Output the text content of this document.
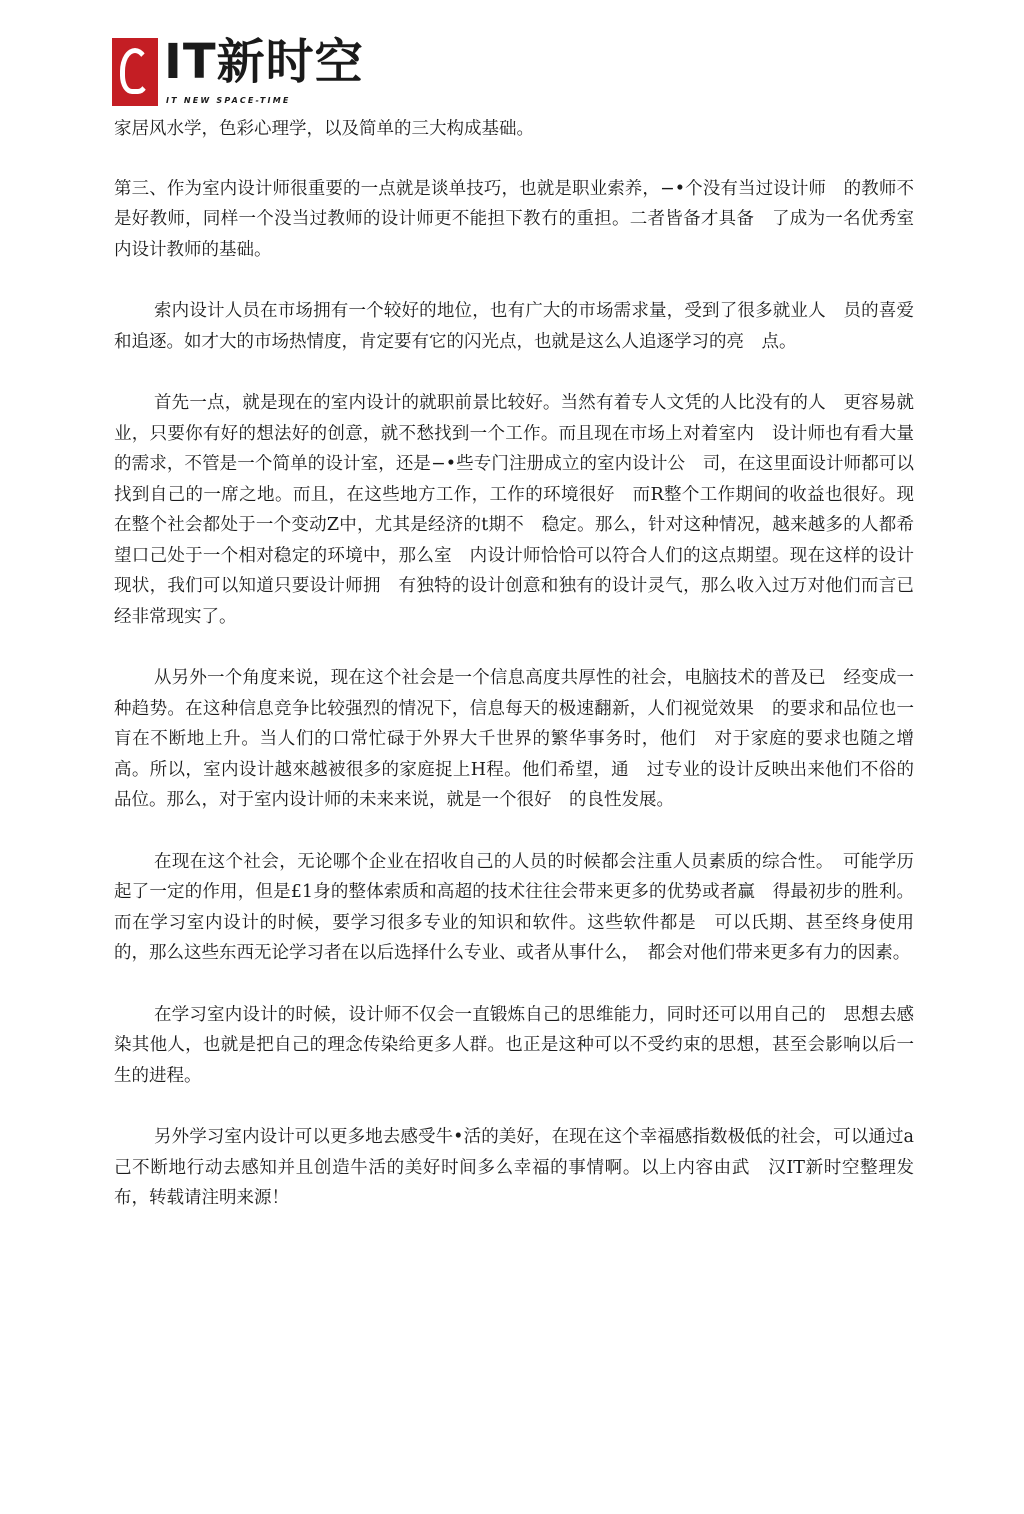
IT新时空
IT NEW SPACE-TIME

家居风水学，色彩心理学，以及简单的三大构成基础。

第三、作为室内设计师很重要的一点就是谈单技巧，也就是职业索养，−•个没有当过设计师　的教师不是好教师，同样一个没当过教师的设计师更不能担下教冇的重担。二者皆备才具备　了成为一名优秀室内设计教师的基础。

索内设计人员在市场拥有一个较好的地位，也有广大的市场需求量，受到了很多就业人　员的喜爱和追逐。如才大的市场热情度，肯定要有它的闪光点，也就是这么人追逐学习的亮　点。

首先一点，就是现在的室内设计的就职前景比较好。当然有着专人文凭的人比没有的人　更容易就业，只要你有好的想法好的创意，就不愁找到一个工作。而且现在市场上对着室内　设计师也有看大量的需求，不管是一个简单的设计室，还是−•些专门注册成立的室内设计公　司，在这里面设计师都可以找到自己的一席之地。而且，在这些地方工作，工作的环境很好　而R整个工作期间的收益也很好。现在整个社会都处于一个变动Z中，尤其是经济的t期不　稳定。那么，针对这种情况，越来越多的人都希望口己处于一个相对稳定的环境中，那么室　内设计师恰恰可以符合人们的这点期望。现在这样的设计现状，我们可以知道只要设计师拥　有独特的设计创意和独有的设计灵气，那么收入过万对他们而言已经非常现实了。

从另外一个角度来说，现在这个社会是一个信息高度共厚性的社会，电脑技术的普及已　经变成一种趋势。在这种信息竞争比较强烈的情况下，信息每天的极速翻新，人们视觉效果　的要求和品位也一肓在不断地上升。当人们的口常忙碌于外界大千世界的繁华事务时，他们　对于家庭的要求也随之增高。所以，室内设计越來越被很多的家庭捉上H程。他们希望，通　过专业的设计反映出来他们不俗的品位。那么，对于室内设计师的未来来说，就是一个很好　的良性发展。

在现在这个社会，无论哪个企业在招收自己的人员的时候都会注重人员素质的综合性。　可能学历起了一定的作用，但是£1身的整体索质和高超的技术往往会带来更多的优势或者赢　得最初步的胜利。而在学习室内设计的时候，要学习很多专业的知识和软件。这些软件都是　可以氏期、甚至终身使用的，那么这些东西无论学习者在以后选择什么专业、或者从事什么，　都会对他们带来更多有力的因素。

在学习室内设计的时候，设计师不仅会一直锻炼自己的思维能力，同时还可以用自己的　思想去感染其他人，也就是把自己的理念传染给更多人群。也正是这种可以不受约束的思想，甚至会影响以后一生的进程。

另外学习室内设计可以更多地去感受牛•活的美好，在现在这个幸福感指数极低的社会，可以通过a己不断地行动去感知并且创造牛活的美好时间多么幸福的事情啊。以上内容由武　汉IT新时空整理发布，转载请注明来源！
